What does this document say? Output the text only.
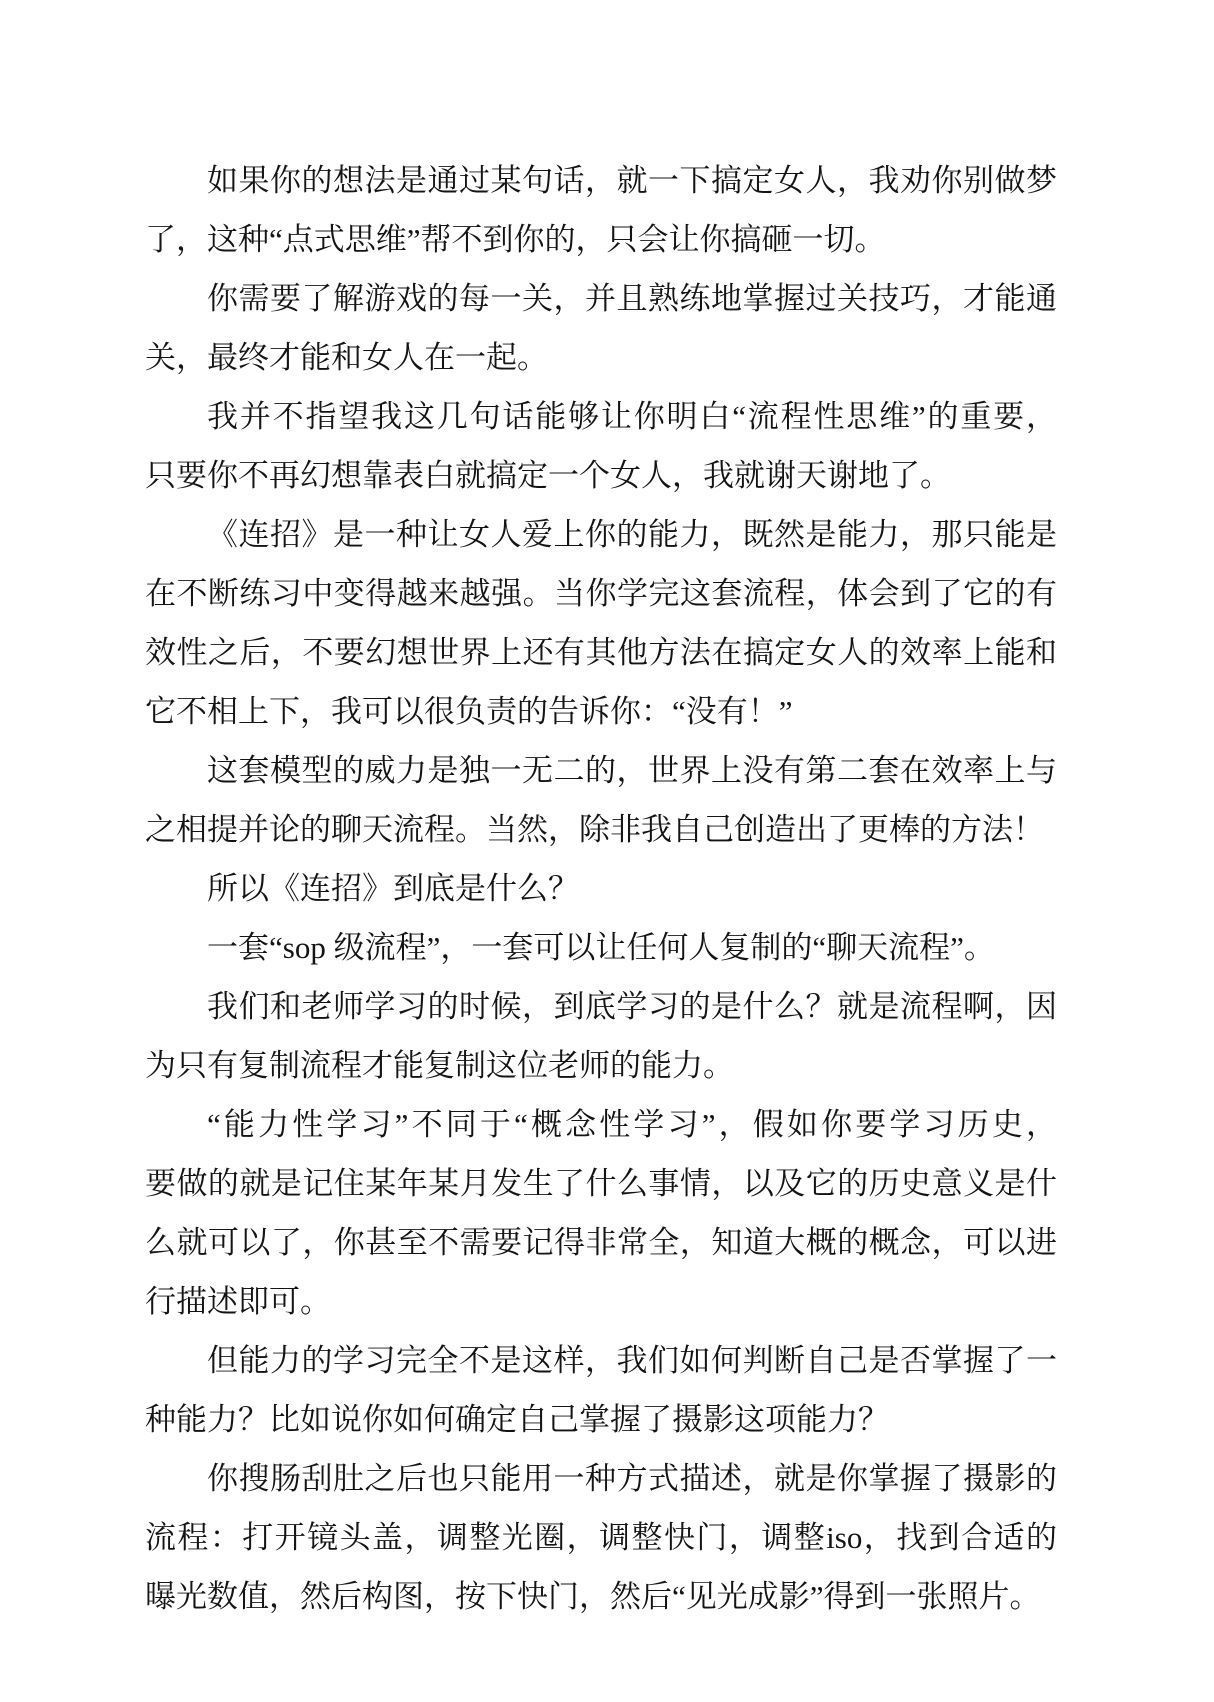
如果你的想法是通过某句话，就一下搞定女人，我劝你别做梦
了，这种“点式思维”帮不到你的，只会让你搞砸一切。
你需要了解游戏的每一关，并且熟练地掌握过关技巧，才能通
关，最终才能和女人在一起。
我并不指望我这几句话能够让你明白“流程性思维”的重要，
只要你不再幻想靠表白就搞定一个女人，我就谢天谢地了。
《连招》是一种让女人爱上你的能力，既然是能力，那只能是
在不断练习中变得越来越强。当你学完这套流程，体会到了它的有
效性之后，不要幻想世界上还有其他方法在搞定女人的效率上能和
它不相上下，我可以很负责的告诉你：“没有！”
这套模型的威力是独一无二的，世界上没有第二套在效率上与
之相提并论的聊天流程。当然，除非我自己创造出了更棒的方法！
所以《连招》到底是什么？
一套“sop 级流程”，一套可以让任何人复制的“聊天流程”。
我们和老师学习的时候，到底学习的是什么？就是流程啊，因
为只有复制流程才能复制这位老师的能力。
“能力性学习”不同于“概念性学习”，假如你要学习历史，
要做的就是记住某年某月发生了什么事情，以及它的历史意义是什
么就可以了，你甚至不需要记得非常全，知道大概的概念，可以进
行描述即可。
但能力的学习完全不是这样，我们如何判断自己是否掌握了一
种能力？比如说你如何确定自己掌握了摄影这项能力？
你搜肠刮肚之后也只能用一种方式描述，就是你掌握了摄影的
流程：打开镜头盖，调整光圈，调整快门，调整iso，找到合适的
曝光数值，然后构图，按下快门，然后“见光成影”得到一张照片。
